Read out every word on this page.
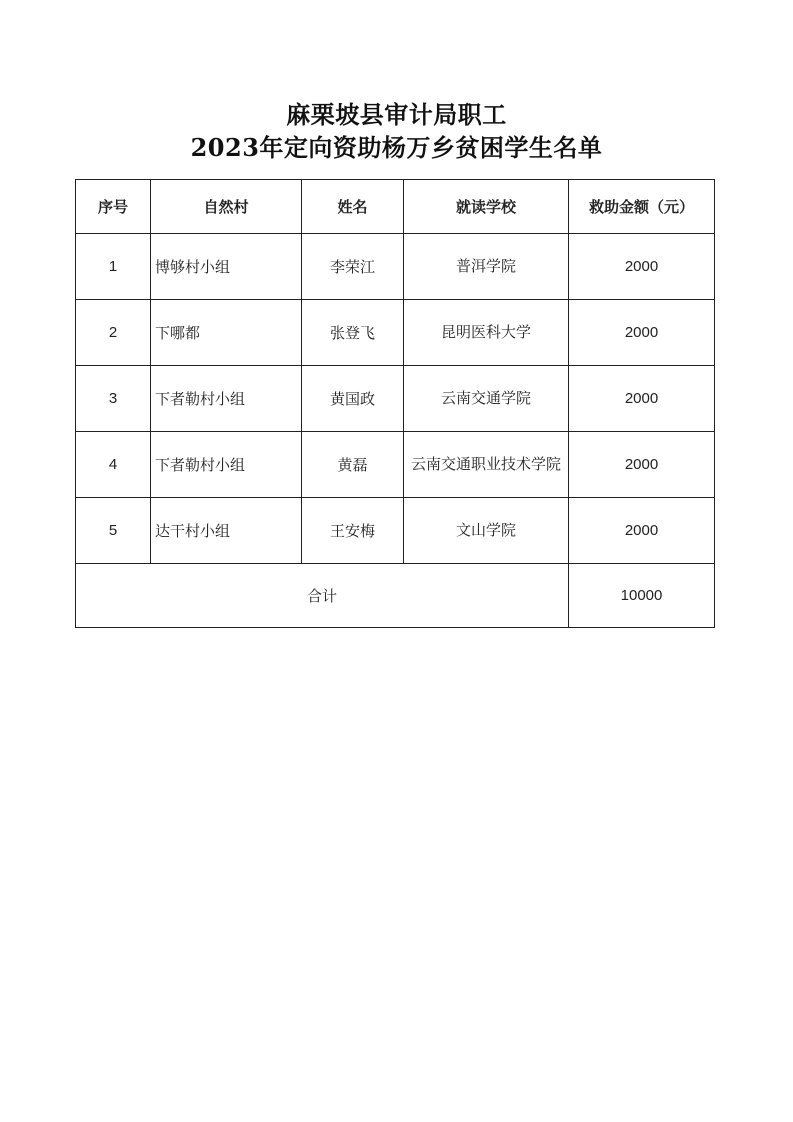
麻栗坡县审计局职工
2023年定向资助杨万乡贫困学生名单
序号	自然村	姓名	就读学校	救助金额（元）
1	博够村小组	李荣江	普洱学院	2000
2	下哪都	张登飞	昆明医科大学	2000
3	下者勒村小组	黄国政	云南交通学院	2000
4	下者勒村小组	黄磊	云南交通职业技术学院	2000
5	达干村小组	王安梅	文山学院	2000
合计				10000
